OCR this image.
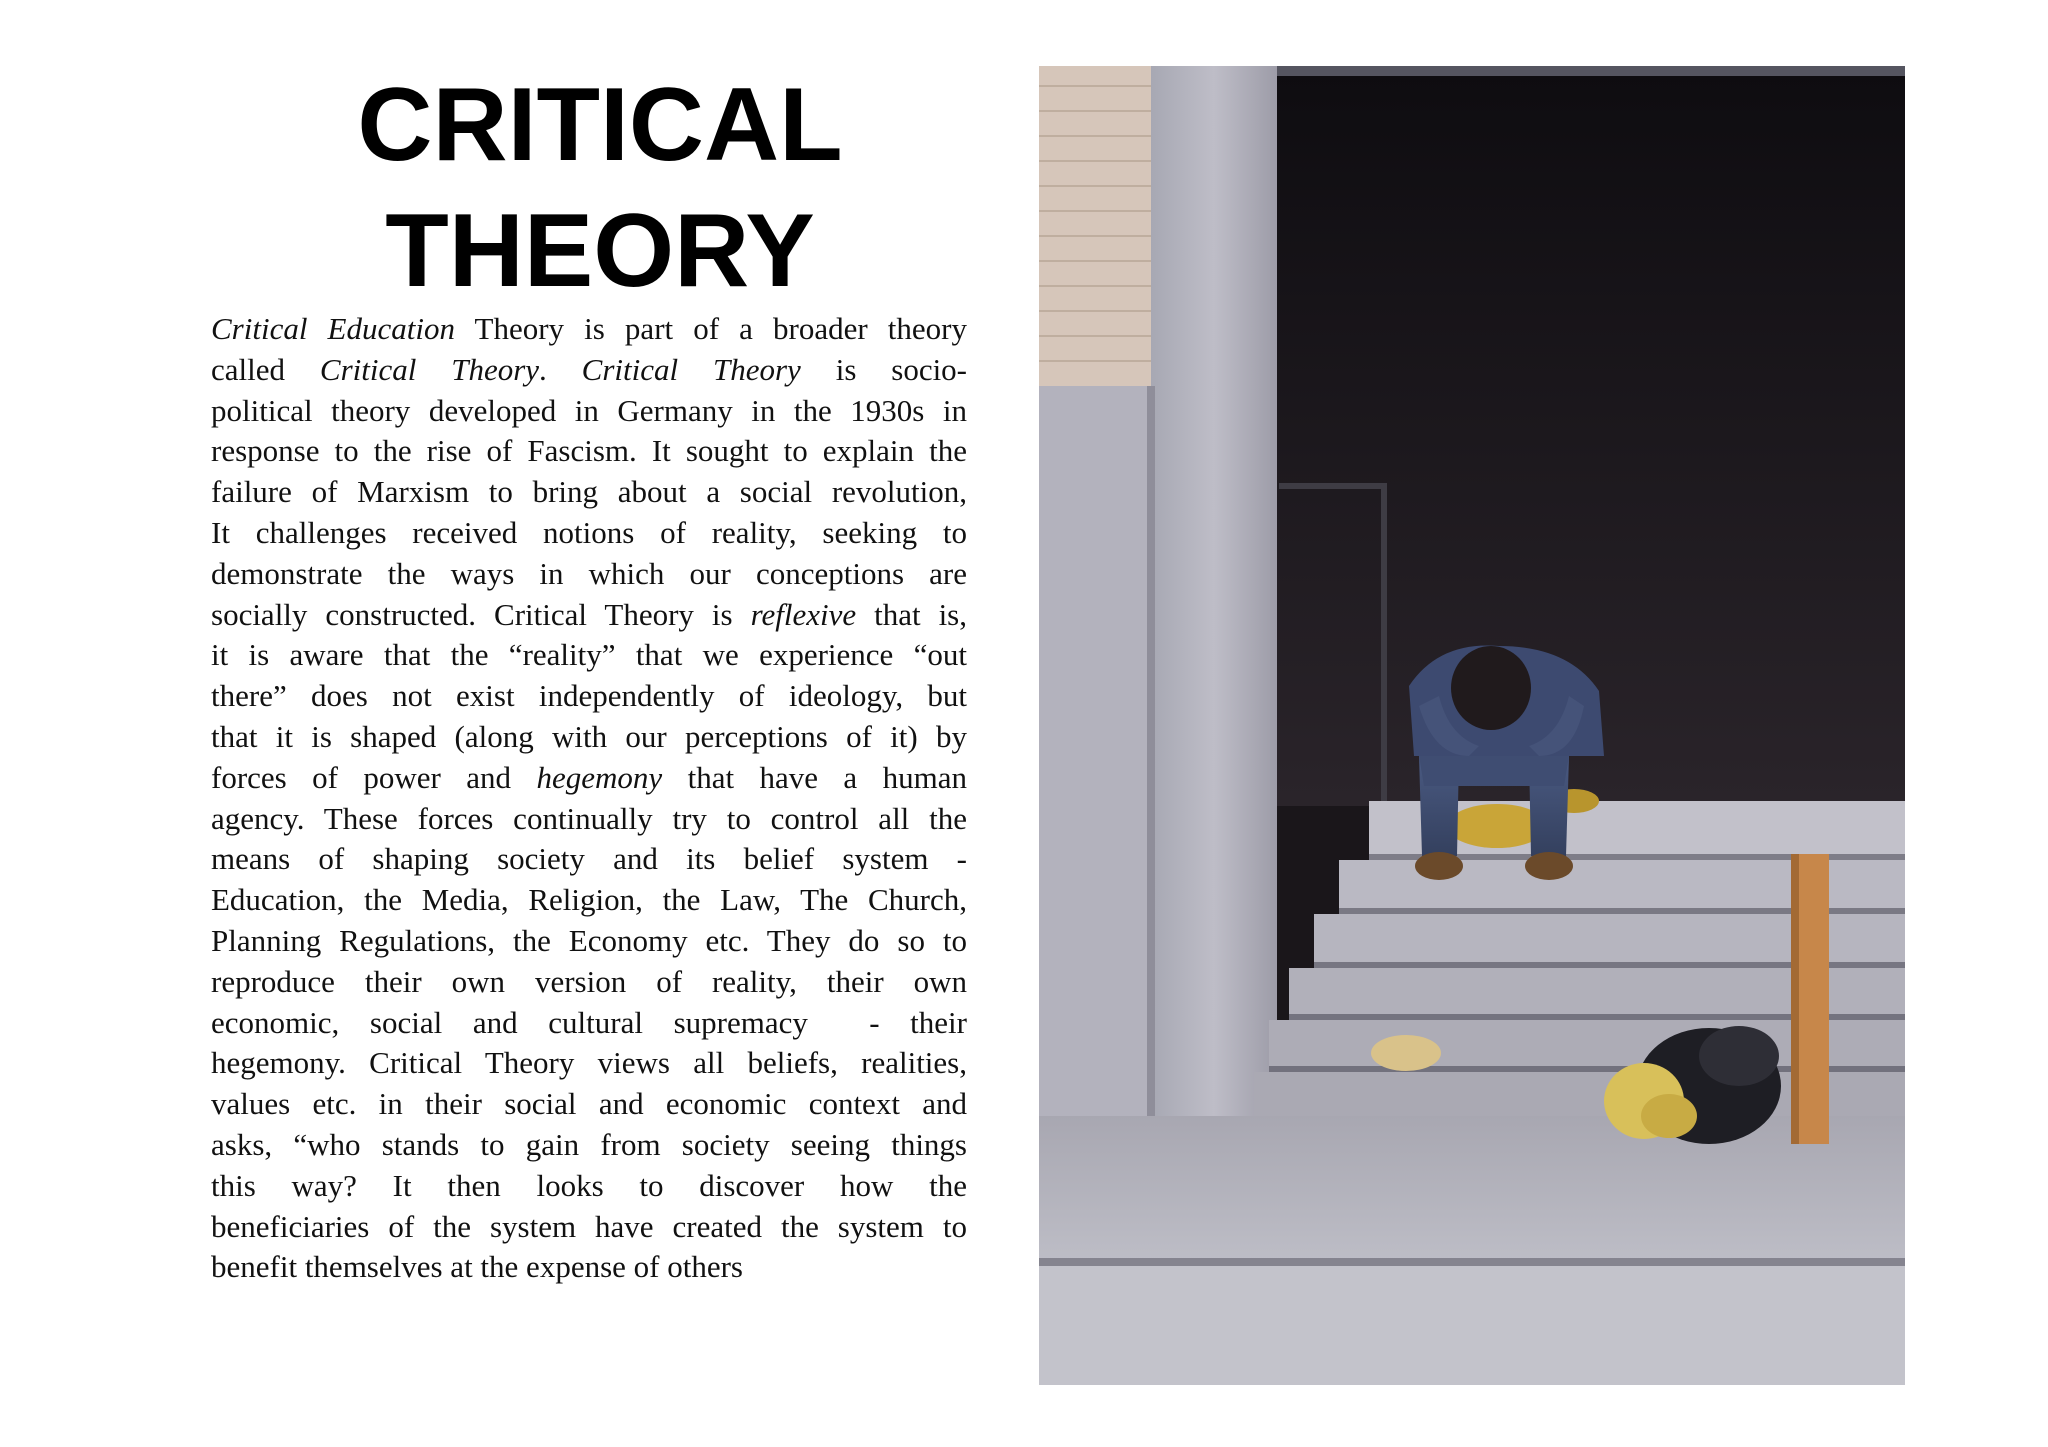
CRITICAL
THEORY
Critical Education Theory is part of a broader theory
called Critical Theory. Critical Theory is socio-
political theory developed in Germany in the 1930s in
response to the rise of Fascism. It sought to explain the
failure of Marxism to bring about a social revolution,
It challenges received notions of reality, seeking to
demonstrate the ways in which our conceptions are
socially constructed. Critical Theory is reflexive that is,
it is aware that the “reality” that we experience “out
there” does not exist independently of ideology, but
that it is shaped (along with our perceptions of it) by
forces of power and hegemony that have a human
agency. These forces continually try to control all the
means of shaping society and its belief system -
Education, the Media, Religion, the Law, The Church,
Planning Regulations, the Economy etc. They do so to
reproduce their own version of reality, their own
economic, social and cultural supremacy  - their
hegemony. Critical Theory views all beliefs, realities,
values etc. in their social and economic context and
asks, “who stands to gain from society seeing things
this way? It then looks to discover how the
beneficiaries of the system have created the system to
benefit themselves at the expense of others
